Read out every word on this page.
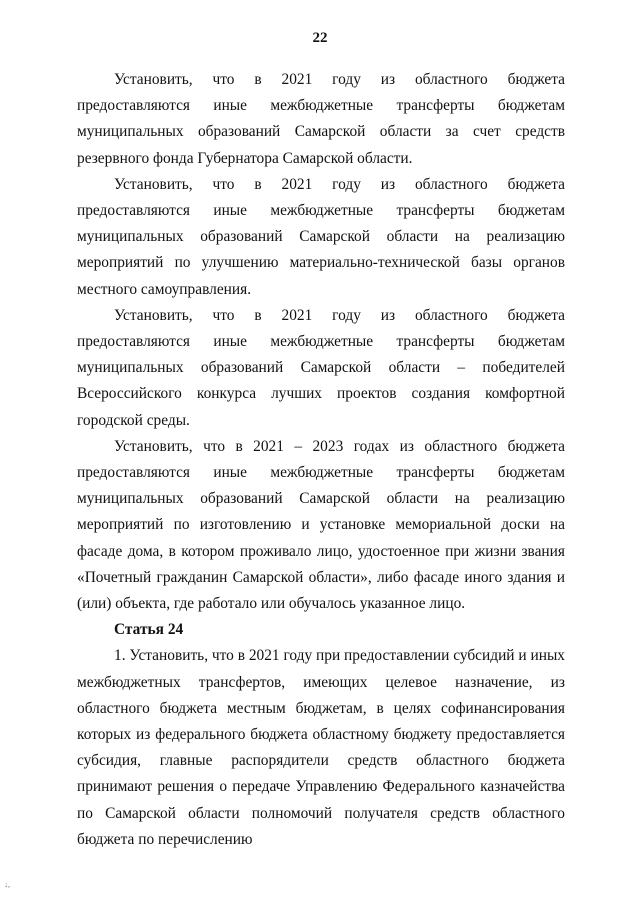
22

Установить, что в 2021 году из областного бюджета предоставляются иные межбюджетные трансферты бюджетам муниципальных образований Самарской области за счет средств резервного фонда Губернатора Самарской области.

Установить, что в 2021 году из областного бюджета предоставляются иные межбюджетные трансферты бюджетам муниципальных образований Самарской области на реализацию мероприятий по улучшению материально-технической базы органов местного самоуправления.

Установить, что в 2021 году из областного бюджета предоставляются иные межбюджетные трансферты бюджетам муниципальных образований Самарской области – победителей Всероссийского конкурса лучших проектов создания комфортной городской среды.

Установить, что в 2021 – 2023 годах из областного бюджета предоставляются иные межбюджетные трансферты бюджетам муниципальных образований Самарской области на реализацию мероприятий по изготовлению и установке мемориальной доски на фасаде дома, в котором проживало лицо, удостоенное при жизни звания «Почетный гражданин Самарской области», либо фасаде иного здания и (или) объекта, где работало или обучалось указанное лицо.

Статья 24

1. Установить, что в 2021 году при предоставлении субсидий и иных межбюджетных трансфертов, имеющих целевое назначение, из областного бюджета местным бюджетам, в целях софинансирования которых из федерального бюджета областному бюджету предоставляется субсидия, главные распорядители средств областного бюджета принимают решения о передаче Управлению Федерального казначейства по Самарской области полномочий получателя средств областного бюджета по перечислению

↓,
